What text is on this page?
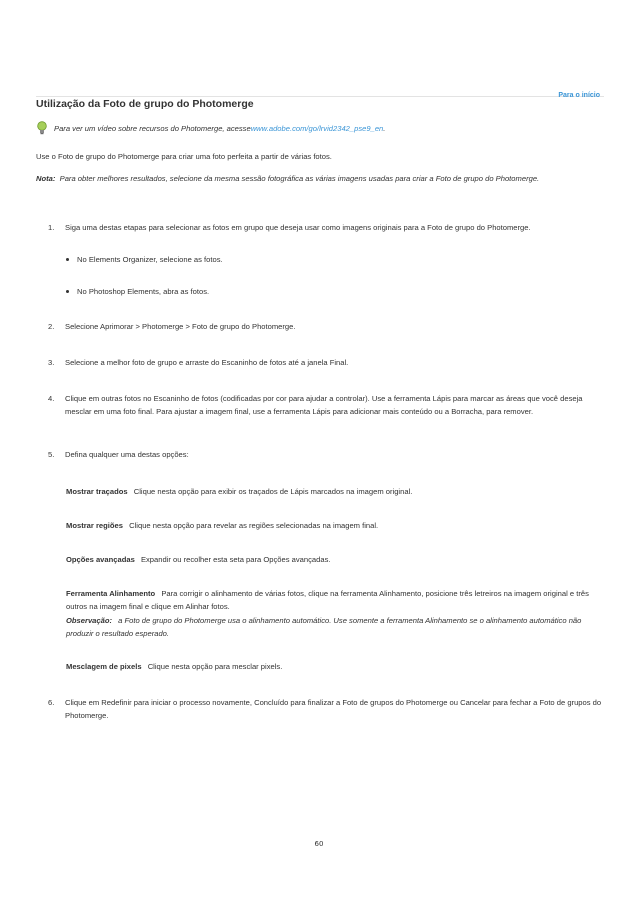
Para o início
Utilização da Foto de grupo do Photomerge
Para ver um vídeo sobre recursos do Photomerge, acesse www.adobe.com/go/lrvid2342_pse9_en .

Use o Foto de grupo do Photomerge para criar uma foto perfeita a partir de várias fotos.

Nota: Para obter melhores resultados, selecione da mesma sessão fotográfica as várias imagens usadas para criar a Foto de grupo do Photomerge.

1. Siga uma destas etapas para selecionar as fotos em grupo que deseja usar como imagens originais para a Foto de grupo do Photomerge.
No Elements Organizer, selecione as fotos.
No Photoshop Elements, abra as fotos.
2. Selecione Aprimorar > Photomerge > Foto de grupo do Photomerge.
3. Selecione a melhor foto de grupo e arraste do Escaninho de fotos até a janela Final.
4. Clique em outras fotos no Escaninho de fotos (codificadas por cor para ajudar a controlar). Use a ferramenta Lápis para marcar as áreas que você deseja mesclar em uma foto final. Para ajustar a imagem final, use a ferramenta Lápis para adicionar mais conteúdo ou a Borracha, para remover.
5. Defina qualquer uma destas opções:
Mostrar traçados Clique nesta opção para exibir os traçados de Lápis marcados na imagem original.
Mostrar regiões Clique nesta opção para revelar as regiões selecionadas na imagem final.
Opções avançadas Expandir ou recolher esta seta para Opções avançadas.
Ferramenta Alinhamento Para corrigir o alinhamento de várias fotos, clique na ferramenta Alinhamento, posicione três letreiros na imagem original e três outros na imagem final e clique em Alinhar fotos.
Observação: a Foto de grupo do Photomerge usa o alinhamento automático. Use somente a ferramenta Alinhamento se o alinhamento automático não produzir o resultado esperado.
Mesclagem de pixels Clique nesta opção para mesclar pixels.
6. Clique em Redefinir para iniciar o processo novamente, Concluído para finalizar a Foto de grupos do Photomerge ou Cancelar para fechar a Foto de grupos do Photomerge.
60
